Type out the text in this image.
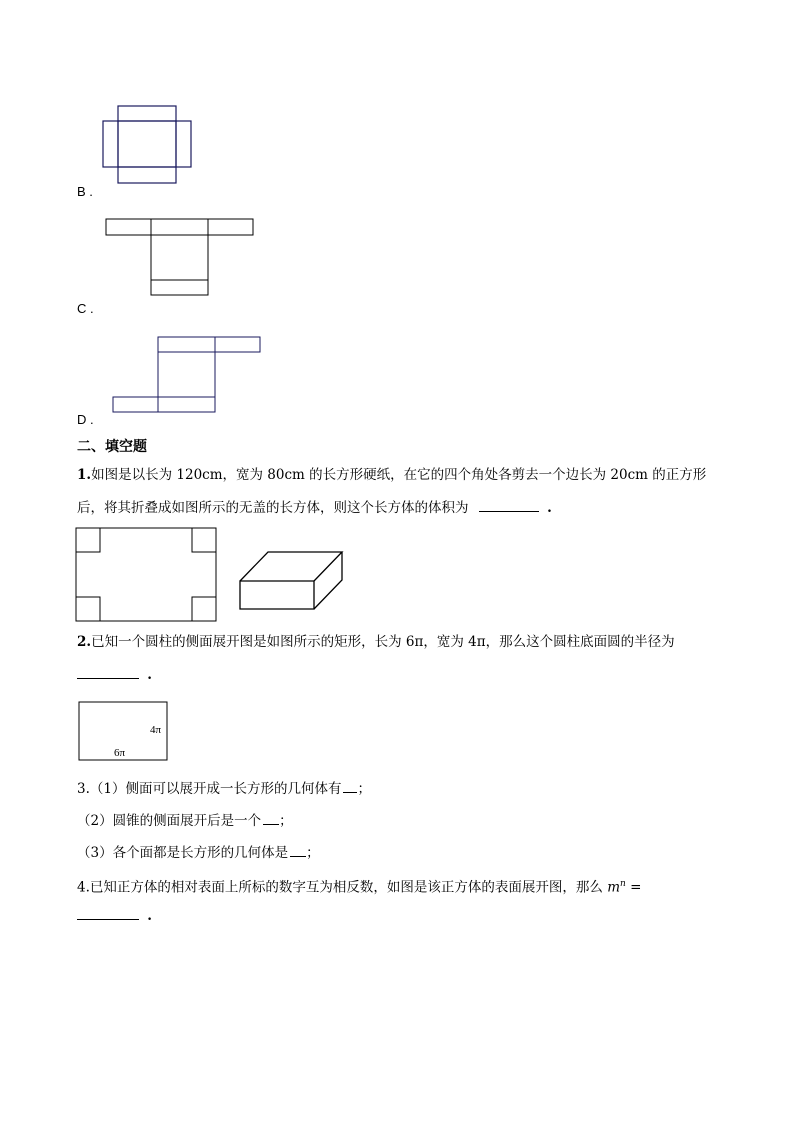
B .
C .
D .
二、填空题
1.如图是以长为 120cm，宽为 80cm 的长方形硬纸，在它的四个角处各剪去一个边长为 20cm 的正方形
后，将其折叠成如图所示的无盖的长方体，则这个长方体的体积为	.
2.已知一个圆柱的侧面展开图是如图所示的矩形，长为 6π，宽为 4π，那么这个圆柱底面圆的半径为
.
4π
6π
3.（1）侧面可以展开成一长方形的几何体有 ；
（2）圆锥的侧面展开后是一个 ；
（3）各个面都是长方形的几何体是 ；
4.已知正方体的相对表面上所标的数字互为相反数，如图是该正方体的表面展开图，那么 $m^n$ =
.
